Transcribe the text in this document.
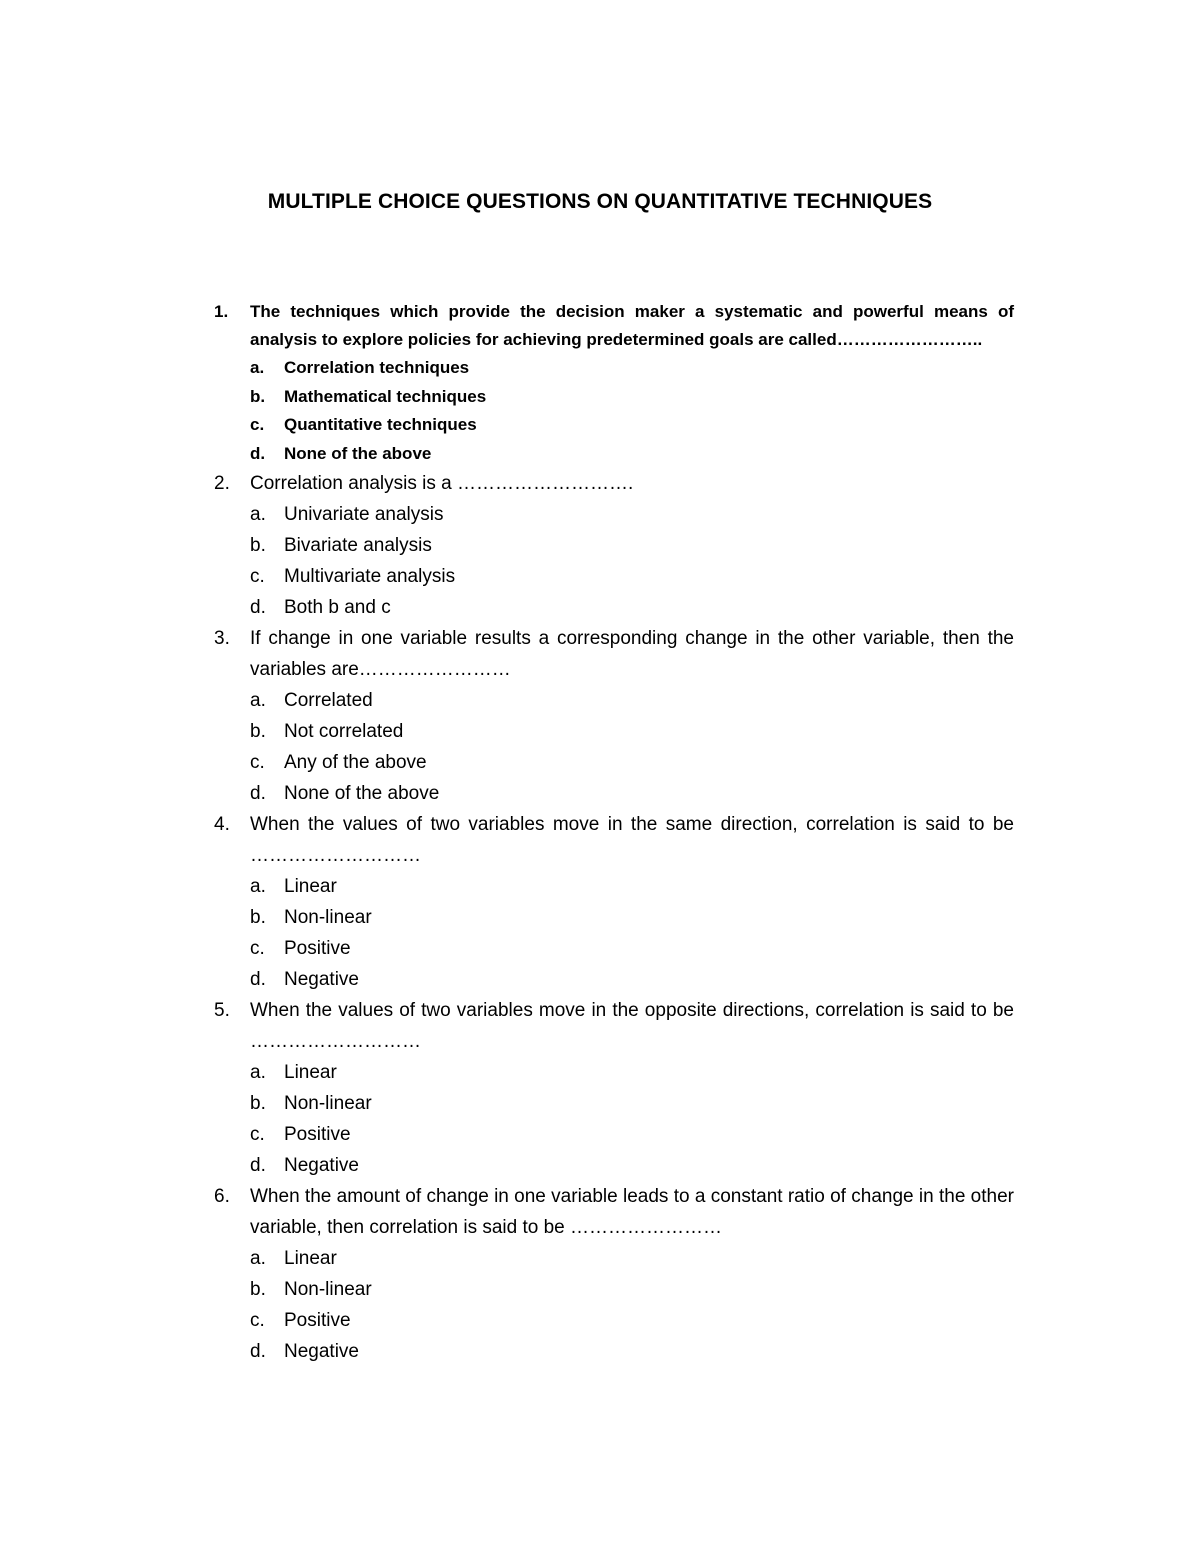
MULTIPLE CHOICE QUESTIONS ON QUANTITATIVE TECHNIQUES
1.	The techniques which provide the decision maker a systematic and powerful means of analysis to explore policies for achieving predetermined goals are called……………………..
a. Correlation techniques
b. Mathematical techniques
c. Quantitative techniques
d. None of the above
2.	Correlation analysis is a ……………………….
a. Univariate analysis
b. Bivariate analysis
c. Multivariate analysis
d. Both b and c
3.	If change in one variable results a corresponding change in the other variable, then the variables are……………………
a. Correlated
b. Not correlated
c. Any of the above
d. None of the above
4.	When the values of two variables move in the same direction, correlation is said to be ………………………
a. Linear
b. Non-linear
c. Positive
d. Negative
5.	When the values of two variables move in the opposite directions, correlation is said to be ………………………
a. Linear
b. Non-linear
c. Positive
d. Negative
6.	When the amount of change in one variable leads to a constant ratio of change in the other variable, then correlation is said to be ……………………
a. Linear
b. Non-linear
c. Positive
d. Negative
